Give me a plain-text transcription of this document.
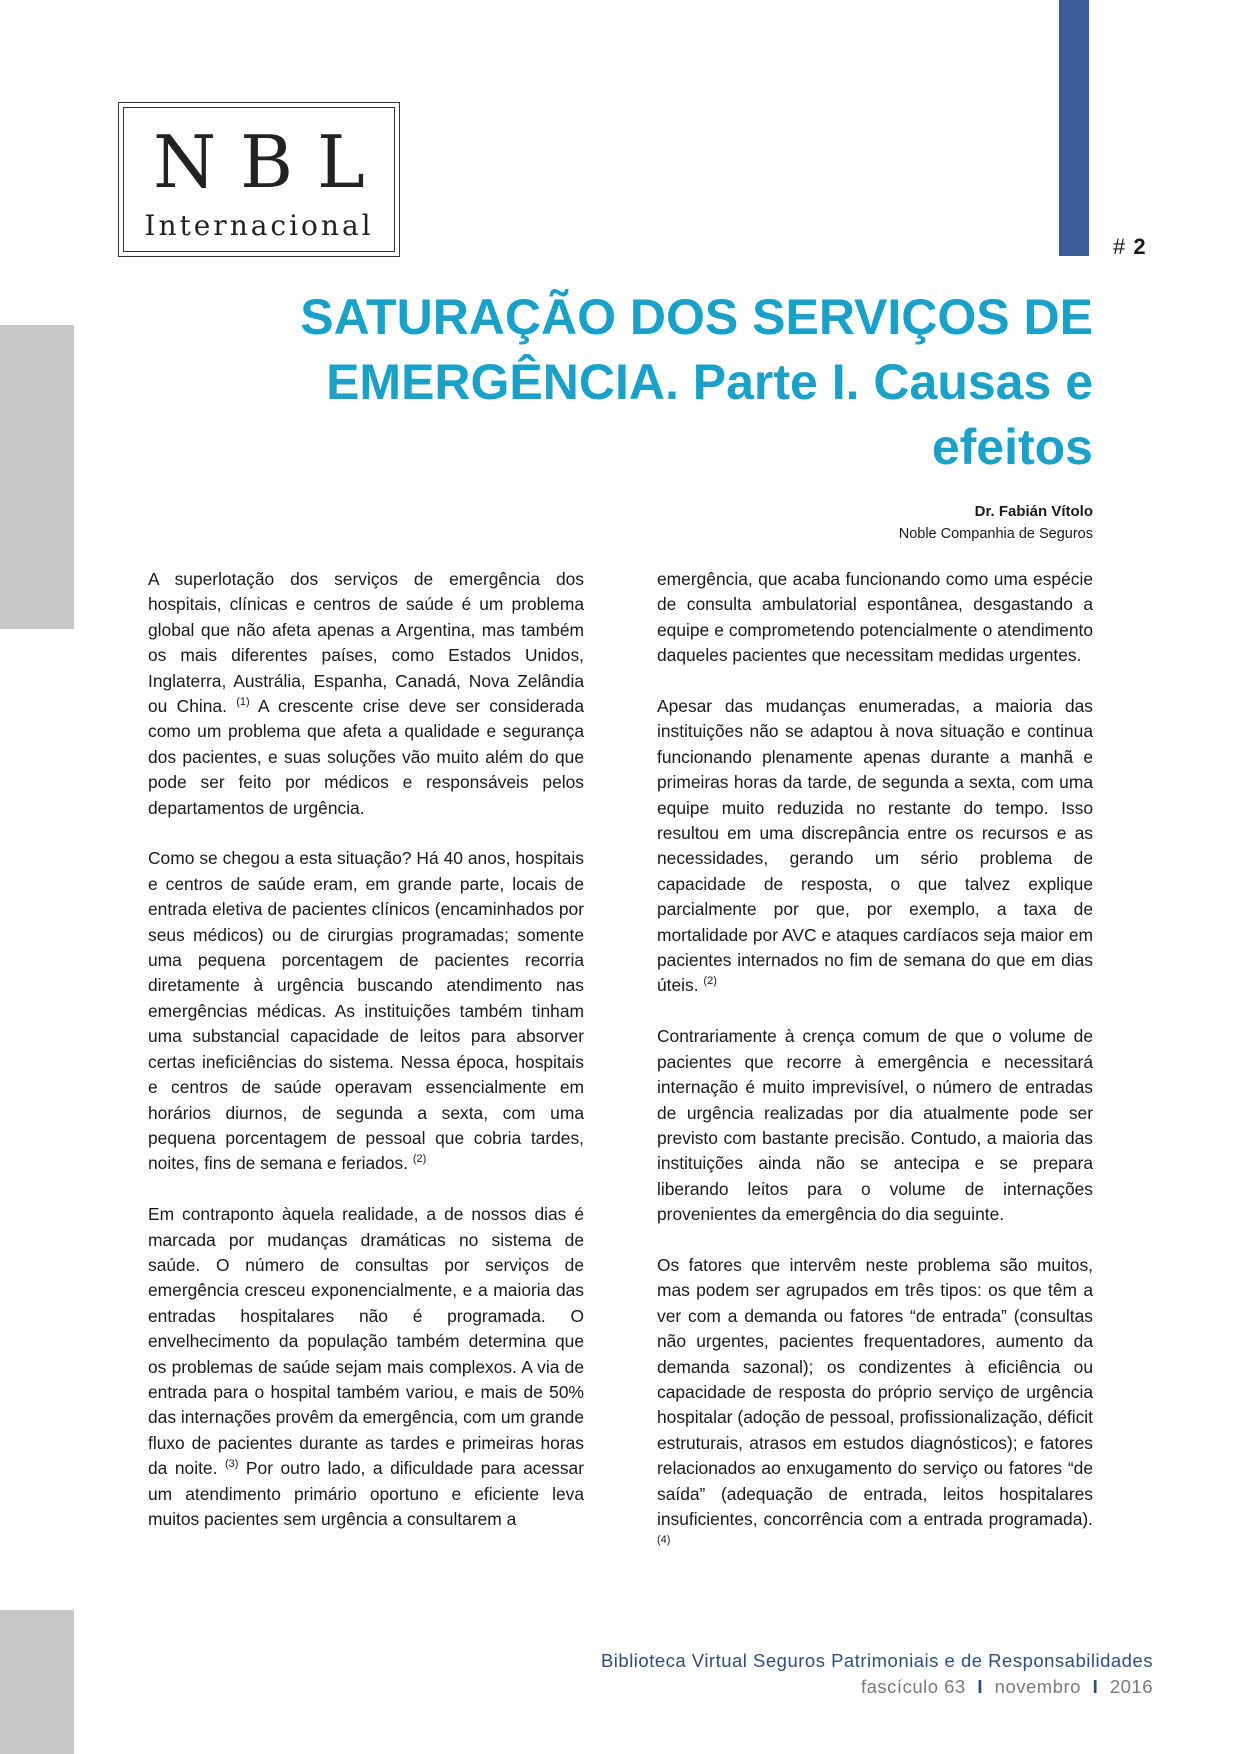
# 2
NBL
Internacional
SATURAÇÃO DOS SERVIÇOS DE EMERGÊNCIA. Parte I. Causas e efeitos
Dr. Fabián Vítolo
Noble Companhia de Seguros

A superlotação dos serviços de emergência dos hospitais, clínicas e centros de saúde é um problema global que não afeta apenas a Argentina, mas também os mais diferentes países, como Estados Unidos, Inglaterra, Austrália, Espanha, Canadá, Nova Zelândia ou China. $^{(1)}$ A crescente crise deve ser considerada como um problema que afeta a qualidade e segurança dos pacientes, e suas soluções vão muito além do que pode ser feito por médicos e responsáveis pelos departamentos de urgência.

Como se chegou a esta situação? Há 40 anos, hospitais e centros de saúde eram, em grande parte, locais de entrada eletiva de pacientes clínicos (encaminhados por seus médicos) ou de cirurgias programadas; somente uma pequena porcentagem de pacientes recorria diretamente à urgência buscando atendimento nas emergências médicas. As instituições também tinham uma substancial capacidade de leitos para absorver certas ineficiências do sistema. Nessa época, hospitais e centros de saúde operavam essencialmente em horários diurnos, de segunda a sexta, com uma pequena porcentagem de pessoal que cobria tardes, noites, fins de semana e feriados. $^{(2)}$

Em contraponto àquela realidade, a de nossos dias é marcada por mudanças dramáticas no sistema de saúde. O número de consultas por serviços de emergência cresceu exponencialmente, e a maioria das entradas hospitalares não é programada. O envelhecimento da população também determina que os problemas de saúde sejam mais complexos. A via de entrada para o hospital também variou, e mais de 50% das internações provêm da emergência, com um grande fluxo de pacientes durante as tardes e primeiras horas da noite. $^{(3)}$ Por outro lado, a dificuldade para acessar um atendimento primário oportuno e eficiente leva muitos pacientes sem urgência a consultarem a

emergência, que acaba funcionando como uma espécie de consulta ambulatorial espontânea, desgastando a equipe e comprometendo potencialmente o atendimento daqueles pacientes que necessitam medidas urgentes.

Apesar das mudanças enumeradas, a maioria das instituições não se adaptou à nova situação e continua funcionando plenamente apenas durante a manhã e primeiras horas da tarde, de segunda a sexta, com uma equipe muito reduzida no restante do tempo. Isso resultou em uma discrepância entre os recursos e as necessidades, gerando um sério problema de capacidade de resposta, o que talvez explique parcialmente por que, por exemplo, a taxa de mortalidade por AVC e ataques cardíacos seja maior em pacientes internados no fim de semana do que em dias úteis. $^{(2)}$

Contrariamente à crença comum de que o volume de pacientes que recorre à emergência e necessitará internação é muito imprevisível, o número de entradas de urgência realizadas por dia atualmente pode ser previsto com bastante precisão. Contudo, a maioria das instituições ainda não se antecipa e se prepara liberando leitos para o volume de internações provenientes da emergência do dia seguinte.

Os fatores que intervêm neste problema são muitos, mas podem ser agrupados em três tipos: os que têm a ver com a demanda ou fatores “de entrada” (consultas não urgentes, pacientes frequentadores, aumento da demanda sazonal); os condizentes à eficiência ou capacidade de resposta do próprio serviço de urgência hospitalar (adoção de pessoal, profissionalização, déficit estruturais, atrasos em estudos diagnósticos); e fatores relacionados ao enxugamento do serviço ou fatores “de saída” (adequação de entrada, leitos hospitalares insuficientes, concorrência com a entrada programada). $^{(4)}$

Biblioteca Virtual Seguros Patrimoniais e de Responsabilidades
fascículo 63 I novembro I 2016
